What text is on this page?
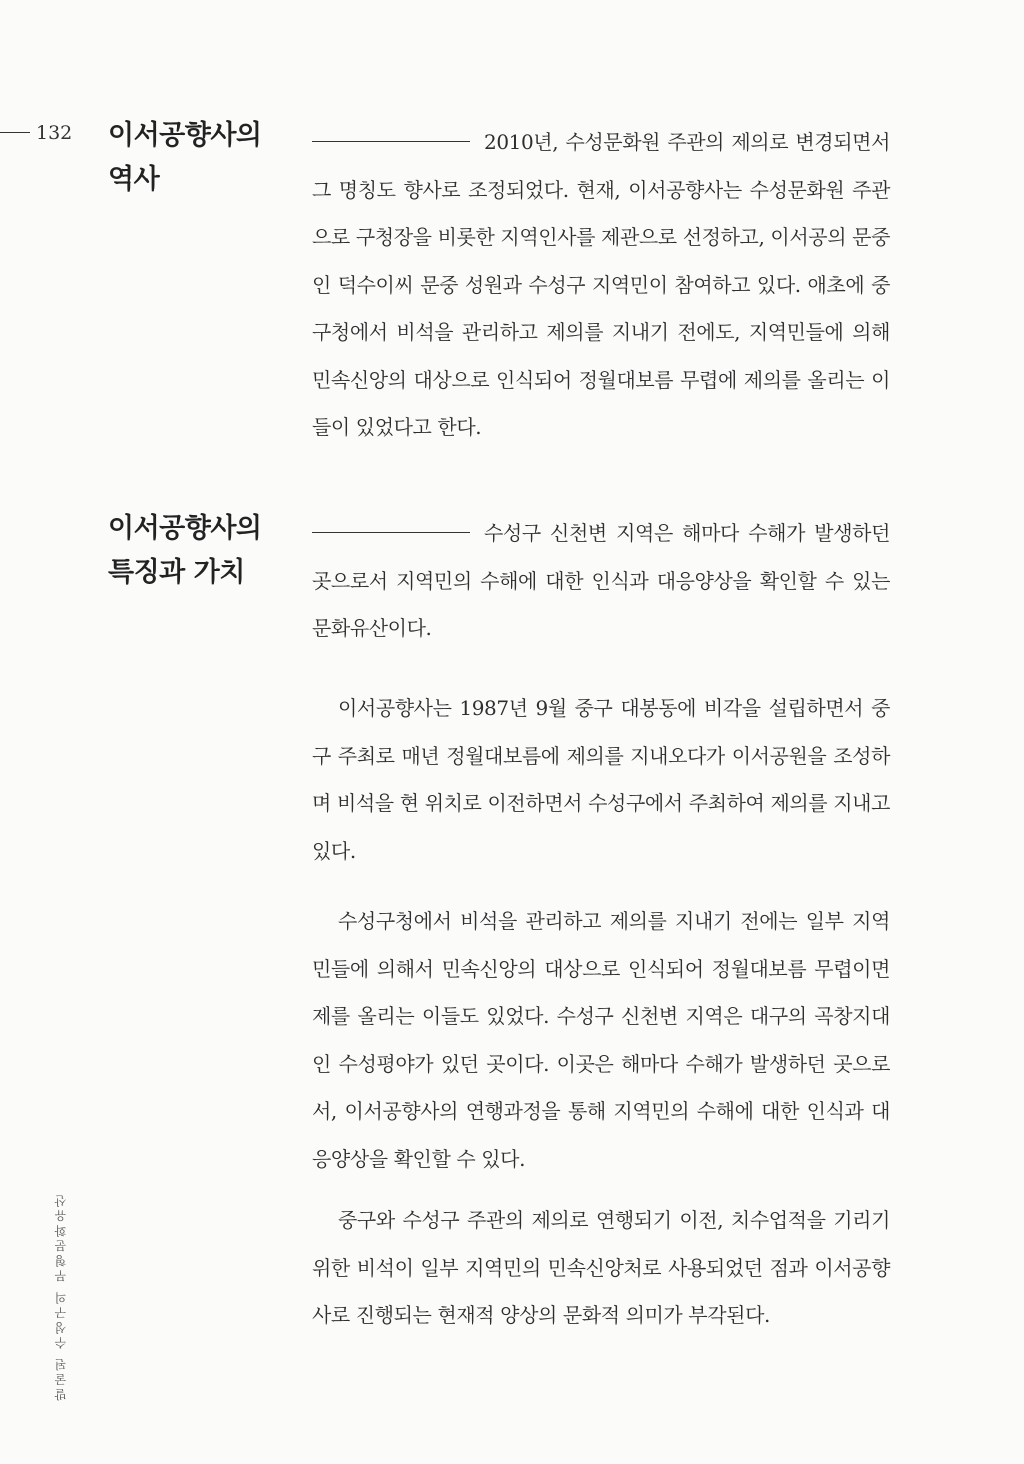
132 이서공향사의
역사

2010년, 수성문화원 주관의 제의로 변경되면서 그 명칭도 향사로 조정되었다. 현재, 이서공향사는 수성문화원 주관으로 구청장을 비롯한 지역인사를 제관으로 선정하고, 이서공의 문중인 덕수이씨 문중 성원과 수성구 지역민이 참여하고 있다. 애초에 중구청에서 비석을 관리하고 제의를 지내기 전에도, 지역민들에 의해 민속신앙의 대상으로 인식되어 정월대보름 무렵에 제의를 올리는 이들이 있었다고 한다.

이서공향사의
특징과 가치

수성구 신천변 지역은 해마다 수해가 발생하던 곳으로서 지역민의 수해에 대한 인식과 대응양상을 확인할 수 있는 문화유산이다.

이서공향사는 1987년 9월 중구 대봉동에 비각을 설립하면서 중구 주최로 매년 정월대보름에 제의를 지내오다가 이서공원을 조성하며 비석을 현 위치로 이전하면서 수성구에서 주최하여 제의를 지내고 있다.

수성구청에서 비석을 관리하고 제의를 지내기 전에는 일부 지역민들에 의해서 민속신앙의 대상으로 인식되어 정월대보름 무렵이면 제를 올리는 이들도 있었다. 수성구 신천변 지역은 대구의 곡창지대인 수성평야가 있던 곳이다. 이곳은 해마다 수해가 발생하던 곳으로서, 이서공향사의 연행과정을 통해 지역민의 수해에 대한 인식과 대응양상을 확인할 수 있다.

중구와 수성구 주관의 제의로 연행되기 이전, 치수업적을 기리기 위한 비석이 일부 지역민의 민속신앙처로 사용되었던 점과 이서공향사로 진행되는 현재적 양상의 문화적 의미가 부각된다.

발굴된 수성구의 무형문화유산
